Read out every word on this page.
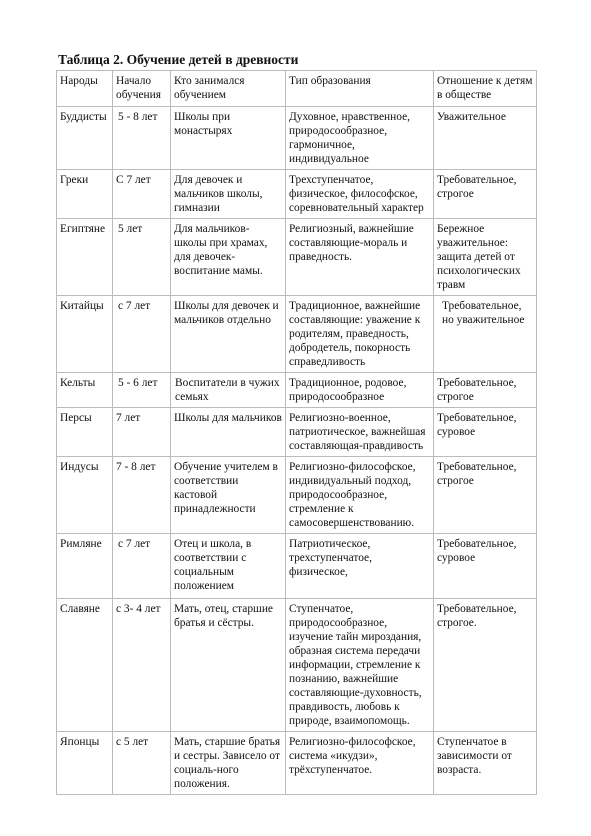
Таблица 2. Обучение детей в древности
Народы	Начало обучения	Кто занимался обучением	Тип образования	Отношение к детям в обществе
Буддисты	5 - 8 лет	Школы при монастырях	Духовное, нравственное, природосообразное, гармоничное, индивидуальное	Уважительное
Греки	С 7 лет	Для девочек и мальчиков школы, гимназии	Трехступенчатое, физическое, философское, соревновательный характер	Требовательное, строгое
Египтяне	5 лет	Для мальчиков-школы при храмах, для девочек-воспитание мамы.	Религиозный, важнейшие составляющие-мораль и праведность.	Бережное уважительное: защита детей от психологических травм
Китайцы	с 7 лет	Школы для девочек и мальчиков отдельно	Традиционное, важнейшие составляющие: уважение к родителям, праведность, добродетель, покорность справедливость	Требовательное, но уважительное
Кельты	5 - 6 лет	Воспитатели в чужих семьях	Традиционное, родовое, природосообразное	Требовательное, строгое
Персы	7 лет	Школы для мальчиков	Религиозно-военное, патриотическое, важнейшая составляющая-правдивость	Требовательное, суровое
Индусы	7 - 8 лет	Обучение учителем в соответствии кастовой принадлежности	Религиозно-философское, индивидуальный подход, природосообразное, стремление к самосовершенствованию.	Требовательное, строгое
Римляне	с 7 лет	Отец и школа, в соответствии с социальным положением	Патриотическое, трехступенчатое, физическое,	Требовательное, суровое
Славяне	с 3- 4 лет	Мать, отец, старшие братья и сёстры.	Ступенчатое, природосообразное, изучение тайн мироздания, образная система передачи информации, стремление к познанию, важнейшие составляющие-духовность, правдивость, любовь к природе, взаимопомощь.	Требовательное, строгое.
Японцы	с 5 лет	Мать, старшие братья и сестры. Зависело от социаль-ного положения.	Религиозно-философское, система «икудзи», трёхступенчатое.	Ступенчатое в зависимости от возраста.
